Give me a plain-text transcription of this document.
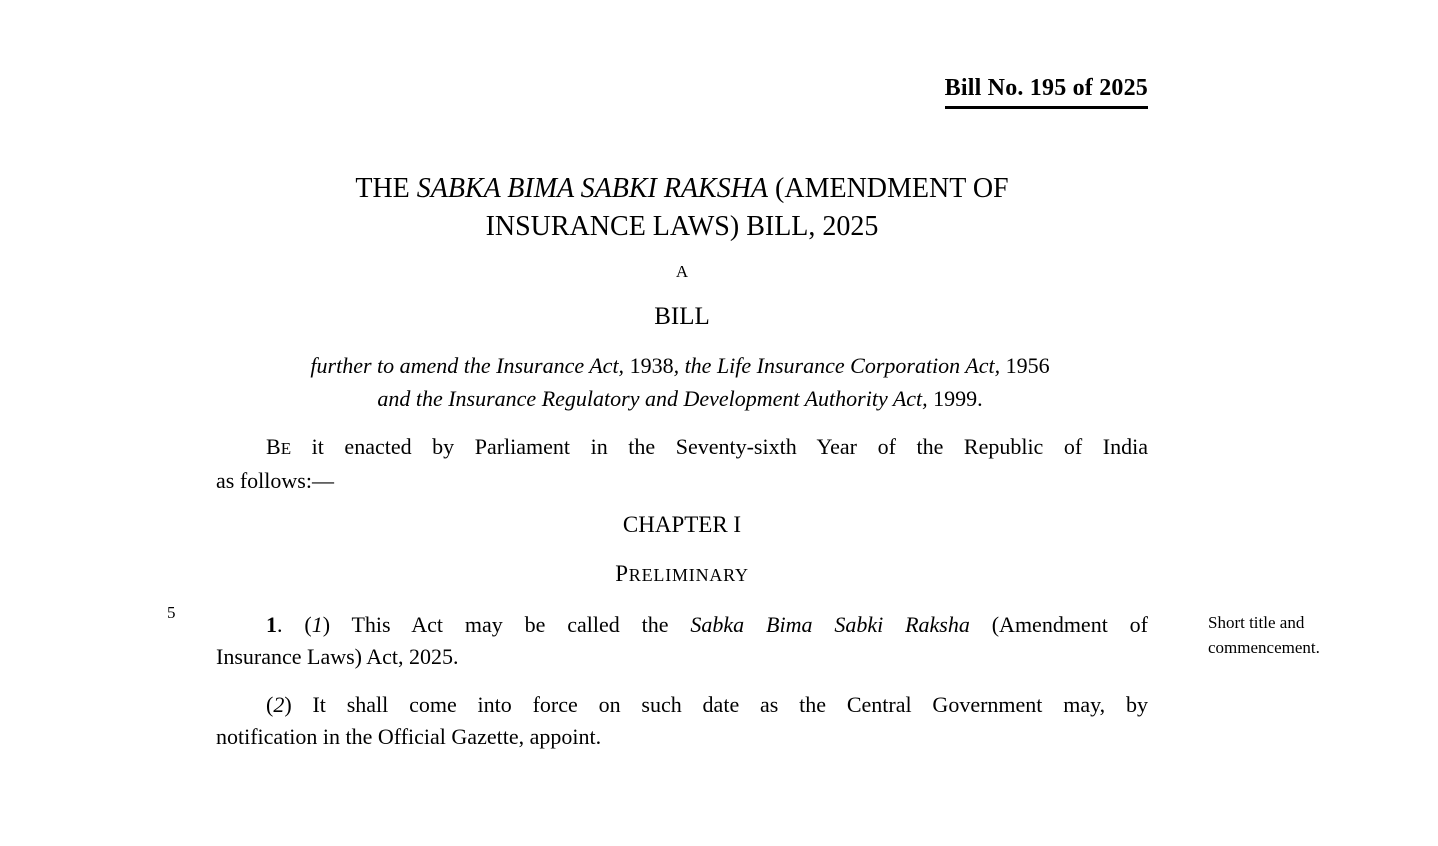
Bill No. 195 of 2025
THE SABKA BIMA SABKI RAKSHA (AMENDMENT OF
INSURANCE LAWS) BILL, 2025
A
BILL
further to amend the Insurance Act, 1938, the Life Insurance Corporation Act, 1956
and the Insurance Regulatory and Development Authority Act, 1999.
BE it enacted by Parliament in the Seventy-sixth Year of the Republic of India
as follows:—
CHAPTER I
PRELIMINARY
5	1. (1) This Act may be called the Sabka Bima Sabki Raksha (Amendment of
Insurance Laws) Act, 2025.
Short title and commencement.
(2) It shall come into force on such date as the Central Government may, by
notification in the Official Gazette, appoint.
